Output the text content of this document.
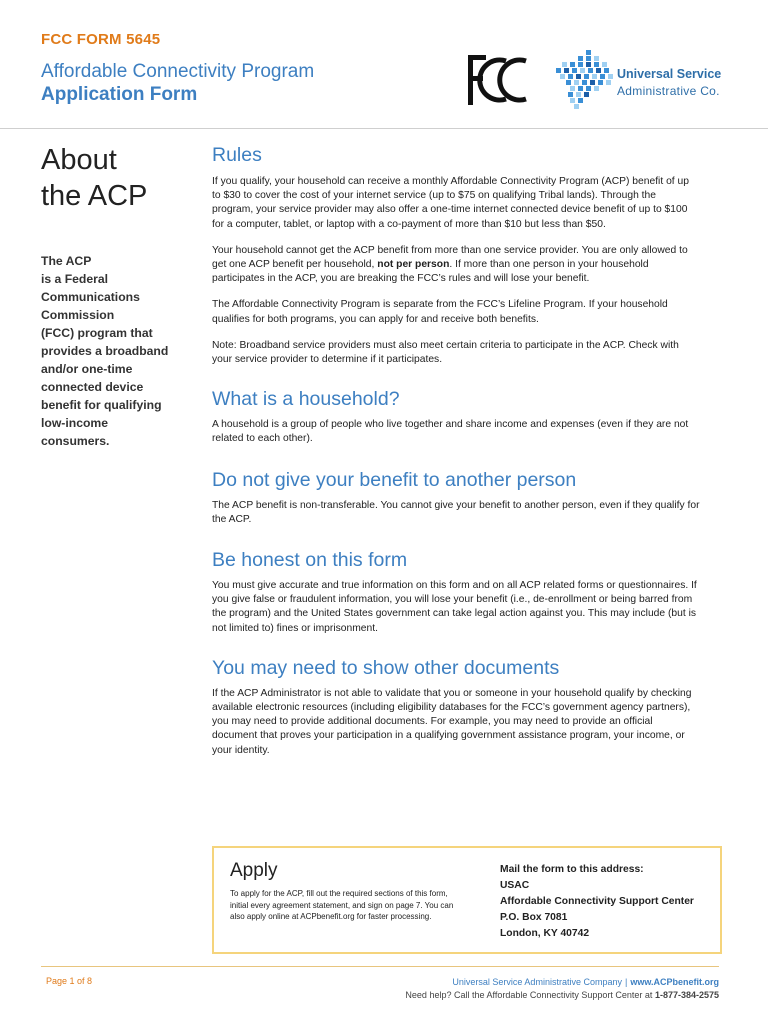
FCC FORM 5645
Affordable Connectivity Program
Application Form
Universal Service
Administrative Co.
About
the ACP

The ACP
is a Federal
Communications
Commission
(FCC) program that
provides a broadband
and/or one-time
connected device
benefit for qualifying
low-income
consumers.

Rules

If you qualify, your household can receive a monthly Affordable Connectivity Program (ACP) benefit of up
to $30 to cover the cost of your internet service (up to $75 on qualifying Tribal lands). Through the
program, your service provider may also offer a one-time internet connected device benefit of up to $100
for a computer, tablet, or laptop with a co-payment of more than $10 but less than $50.

Your household cannot get the ACP benefit from more than one service provider. You are only allowed to
get one ACP benefit per household, not per person. If more than one person in your household
participates in the ACP, you are breaking the FCC’s rules and will lose your benefit.

The Affordable Connectivity Program is separate from the FCC’s Lifeline Program. If your household
qualifies for both programs, you can apply for and receive both benefits.

Note: Broadband service providers must also meet certain criteria to participate in the ACP. Check with
your service provider to determine if it participates.

What is a household?

A household is a group of people who live together and share income and expenses (even if they are not
related to each other).

Do not give your benefit to another person

The ACP benefit is non-transferable. You cannot give your benefit to another person, even if they qualify for
the ACP.

Be honest on this form

You must give accurate and true information on this form and on all ACP related forms or questionnaires. If
you give false or fraudulent information, you will lose your benefit (i.e., de-enrollment or being barred from
the program) and the United States government can take legal action against you. This may include (but is
not limited to) fines or imprisonment.

You may need to show other documents

If the ACP Administrator is not able to validate that you or someone in your household qualify by checking
available electronic resources (including eligibility databases for the FCC’s government agency partners),
you may need to provide additional documents. For example, you may need to provide an official
document that proves your participation in a qualifying government assistance program, your income, or
your identity.

Apply

To apply for the ACP, fill out the required sections of this form,
initial every agreement statement, and sign on page 7. You can
also apply online at ACPbenefit.org for faster processing.

Mail the form to this address:
USAC
Affordable Connectivity Support Center
P.O. Box 7081
London, KY 40742
Page 1 of 8	Universal Service Administrative Company | www.ACPbenefit.org
Need help? Call the Affordable Connectivity Support Center at 1-877-384-2575
